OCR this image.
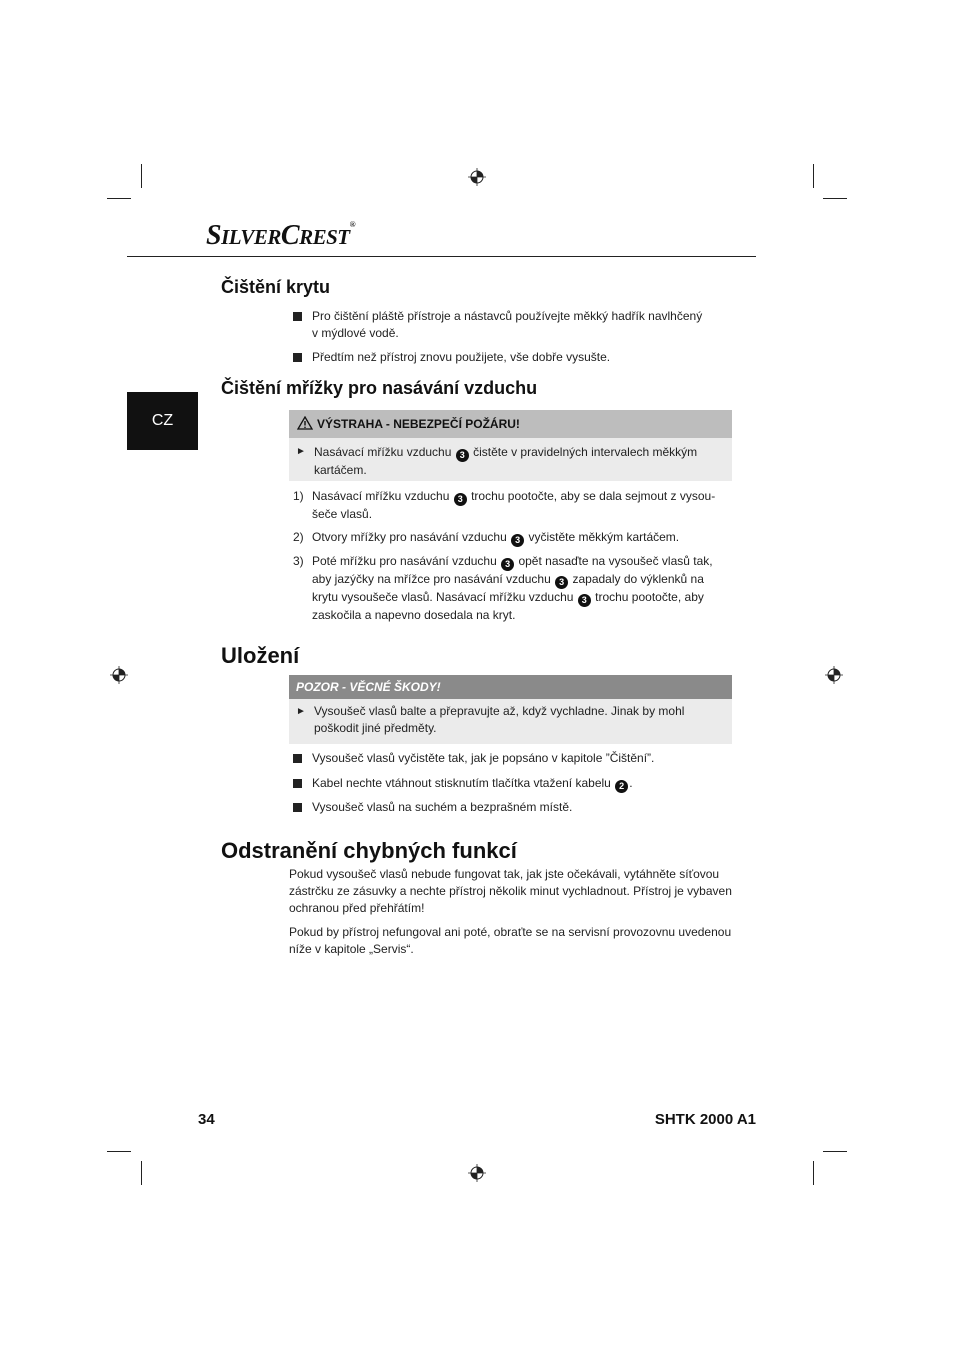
SILVERCREST®
CZ
Čištění krytu
Pro čištění pláště přístroje a nástavců používejte měkký hadřík navlhčený
v mýdlové vodě.
Předtím než přístroj znovu použijete, vše dobře vysušte.
Čištění mřížky pro nasávání vzduchu
VÝSTRAHA - NEBEZPEČÍ POŽÁRU!
► Nasávací mřížku vzduchu 3 čistěte v pravidelných intervalech měkkým
kartáčem.
1) Nasávací mřížku vzduchu 3 trochu pootočte, aby se dala sejmout z vysou-
šeče vlasů.
2) Otvory mřížky pro nasávání vzduchu 3 vyčistěte měkkým kartáčem.
3) Poté mřížku pro nasávání vzduchu 3 opět nasaďte na vysoušeč vlasů tak,
aby jazýčky na mřížce pro nasávání vzduchu 3 zapadaly do výklenků na
krytu vysoušeče vlasů. Nasávací mřížku vzduchu 3 trochu pootočte, aby
zaskočila a napevno dosedala na kryt.
Uložení
POZOR - VĚCNÉ ŠKODY!
► Vysoušeč vlasů balte a přepravujte až, když vychladne. Jinak by mohl
poškodit jiné předměty.
Vysoušeč vlasů vyčistěte tak, jak je popsáno v kapitole ”Čištění”.
Kabel nechte vtáhnout stisknutím tlačítka vtažení kabelu 2 .
Vysoušeč vlasů na suchém a bezprašném místě.
Odstranění chybných funkcí
Pokud vysoušeč vlasů nebude fungovat tak, jak jste očekávali, vytáhněte síťovou
zástrčku ze zásuvky a nechte přístroj několik minut vychladnout. Přístroj je vybaven
ochranou před přehřátím!
Pokud by přístroj nefungoval ani poté, obraťte se na servisní provozovnu uvedenou
níže v kapitole „Servis“.
34	SHTK 2000 A1
